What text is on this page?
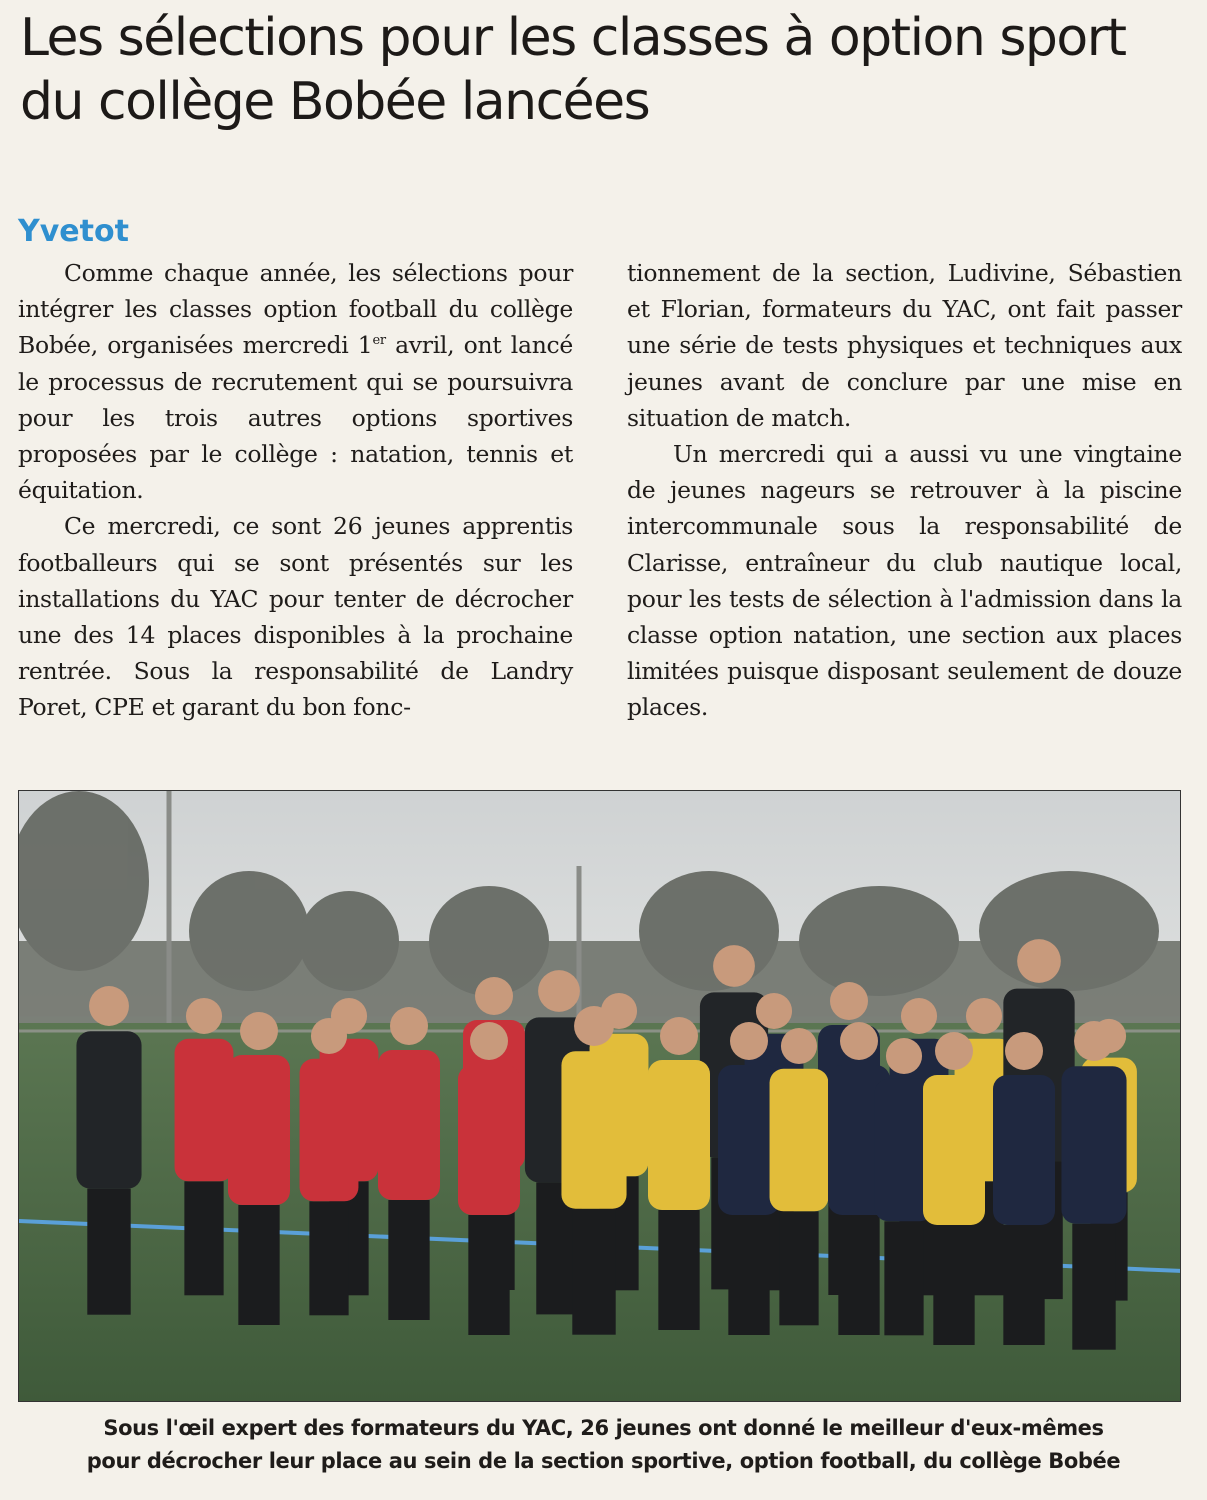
Les sélections pour les classes à option sport du collège Bobée lancées
Yvetot

Comme chaque année, les sélections pour intégrer les classes option football du collège Bobée, organisées mercredi 1er avril, ont lancé le processus de recrutement qui se poursuivra pour les trois autres options sportives proposées par le collège : natation, tennis et équitation.

Ce mercredi, ce sont 26 jeunes apprentis footballeurs qui se sont présentés sur les installations du YAC pour tenter de décrocher une des 14 places disponibles à la prochaine rentrée. Sous la responsabilité de Landry Poret, CPE et garant du bon fonc-

tionnement de la section, Ludivine, Sébastien et Florian, formateurs du YAC, ont fait passer une série de tests physiques et techniques aux jeunes avant de conclure par une mise en situation de match.

Un mercredi qui a aussi vu une vingtaine de jeunes nageurs se retrouver à la piscine intercommunale sous la responsabilité de Clarisse, entraîneur du club nautique local, pour les tests de sélection à l'admission dans la classe option natation, une section aux places limitées puisque disposant seulement de douze places.

Sous l'œil expert des formateurs du YAC, 26 jeunes ont donné le meilleur d'eux-mêmes
pour décrocher leur place au sein de la section sportive, option football, du collège Bobée
